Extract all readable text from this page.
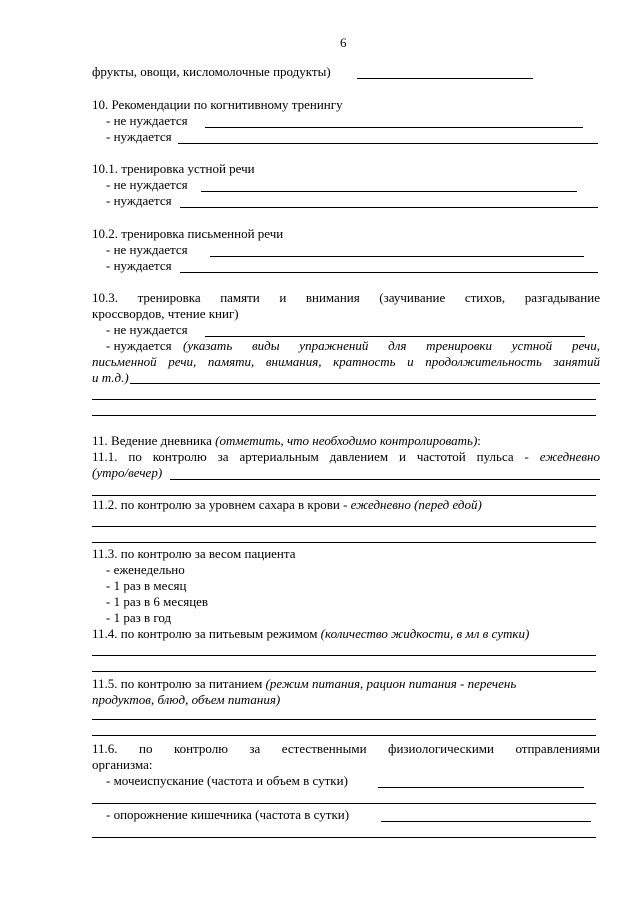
6
фрукты, овощи, кисломолочные продукты)
10. Рекомендации по когнитивному тренингу
- не нуждается
- нуждается
10.1. тренировка устной речи
- не нуждается
- нуждается
10.2. тренировка письменной речи
- не нуждается
- нуждается
10.3. тренировка памяти и внимания (заучивание стихов, разгадывание
кроссвордов, чтение книг)
- не нуждается
- нуждается (указать виды упражнений для тренировки устной речи,
письменной речи, памяти, внимания, кратность и продолжительность занятий
и т.д.)
11. Ведение дневника (отметить, что необходимо контролировать):
11.1. по контролю за артериальным давлением и частотой пульса - ежедневно
(утро/вечер)
11.2. по контролю за уровнем сахара в крови - ежедневно (перед едой)
11.3. по контролю за весом пациента
- еженедельно
- 1 раз в месяц
- 1 раз в 6 месяцев
- 1 раз в год
11.4. по контролю за питьевым режимом (количество жидкости, в мл в сутки)
11.5. по контролю за питанием (режим питания, рацион питания - перечень
продуктов, блюд, объем питания)
11.6. по контролю за естественными физиологическими отправлениями
организма:
- мочеиспускание (частота и объем в сутки)
- опорожнение кишечника (частота в сутки)
